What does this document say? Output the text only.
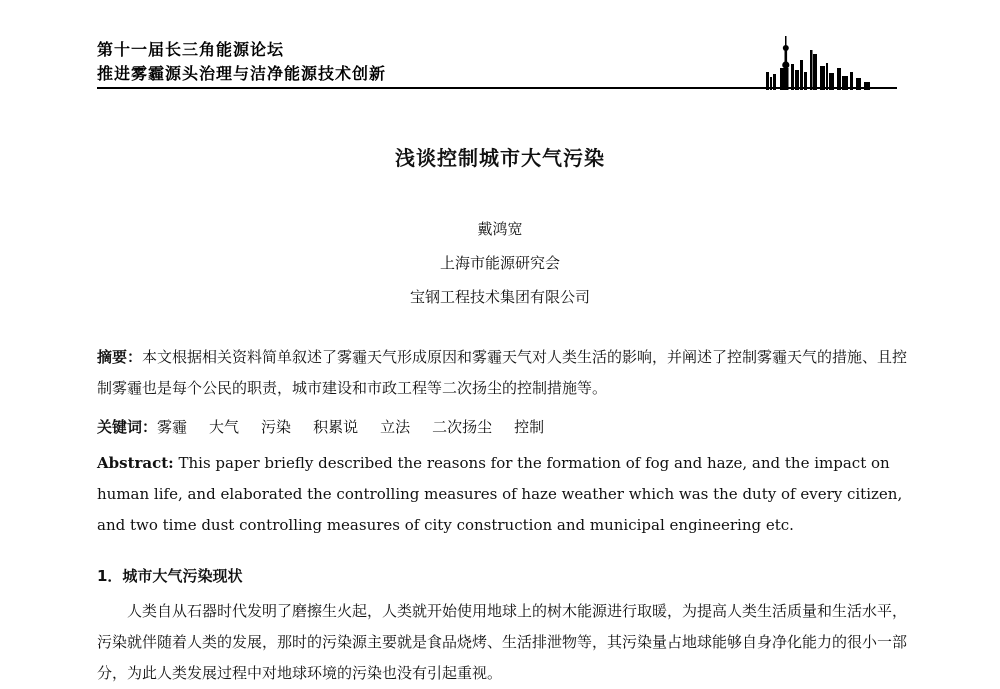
第十一届长三角能源论坛
推进雾霾源头治理与洁净能源技术创新
浅谈控制城市大气污染
戴鸿宽
上海市能源研究会
宝钢工程技术集团有限公司
摘要：本文根据相关资料简单叙述了雾霾天气形成原因和雾霾天气对人类生活的影响，并阐述了控制雾霾天气的措施、且控制雾霾也是每个公民的职责，城市建设和市政工程等二次扬尘的控制措施等。
关键词：雾霾 大气 污染 积累说 立法 二次扬尘 控制
Abstract: This paper briefly described the reasons for the formation of fog and haze, and the impact on human life, and elaborated the controlling measures of haze weather which was the duty of every citizen, and two time dust controlling measures of city construction and municipal engineering etc.
1．城市大气污染现状
人类自从石器时代发明了磨擦生火起，人类就开始使用地球上的树木能源进行取暖，为提高人类生活质量和生活水平，污染就伴随着人类的发展，那时的污染源主要就是食品烧烤、生活排泄物等，其污染量占地球能够自身净化能力的很小一部分，为此人类发展过程中对地球环境的污染也没有引起重视。
